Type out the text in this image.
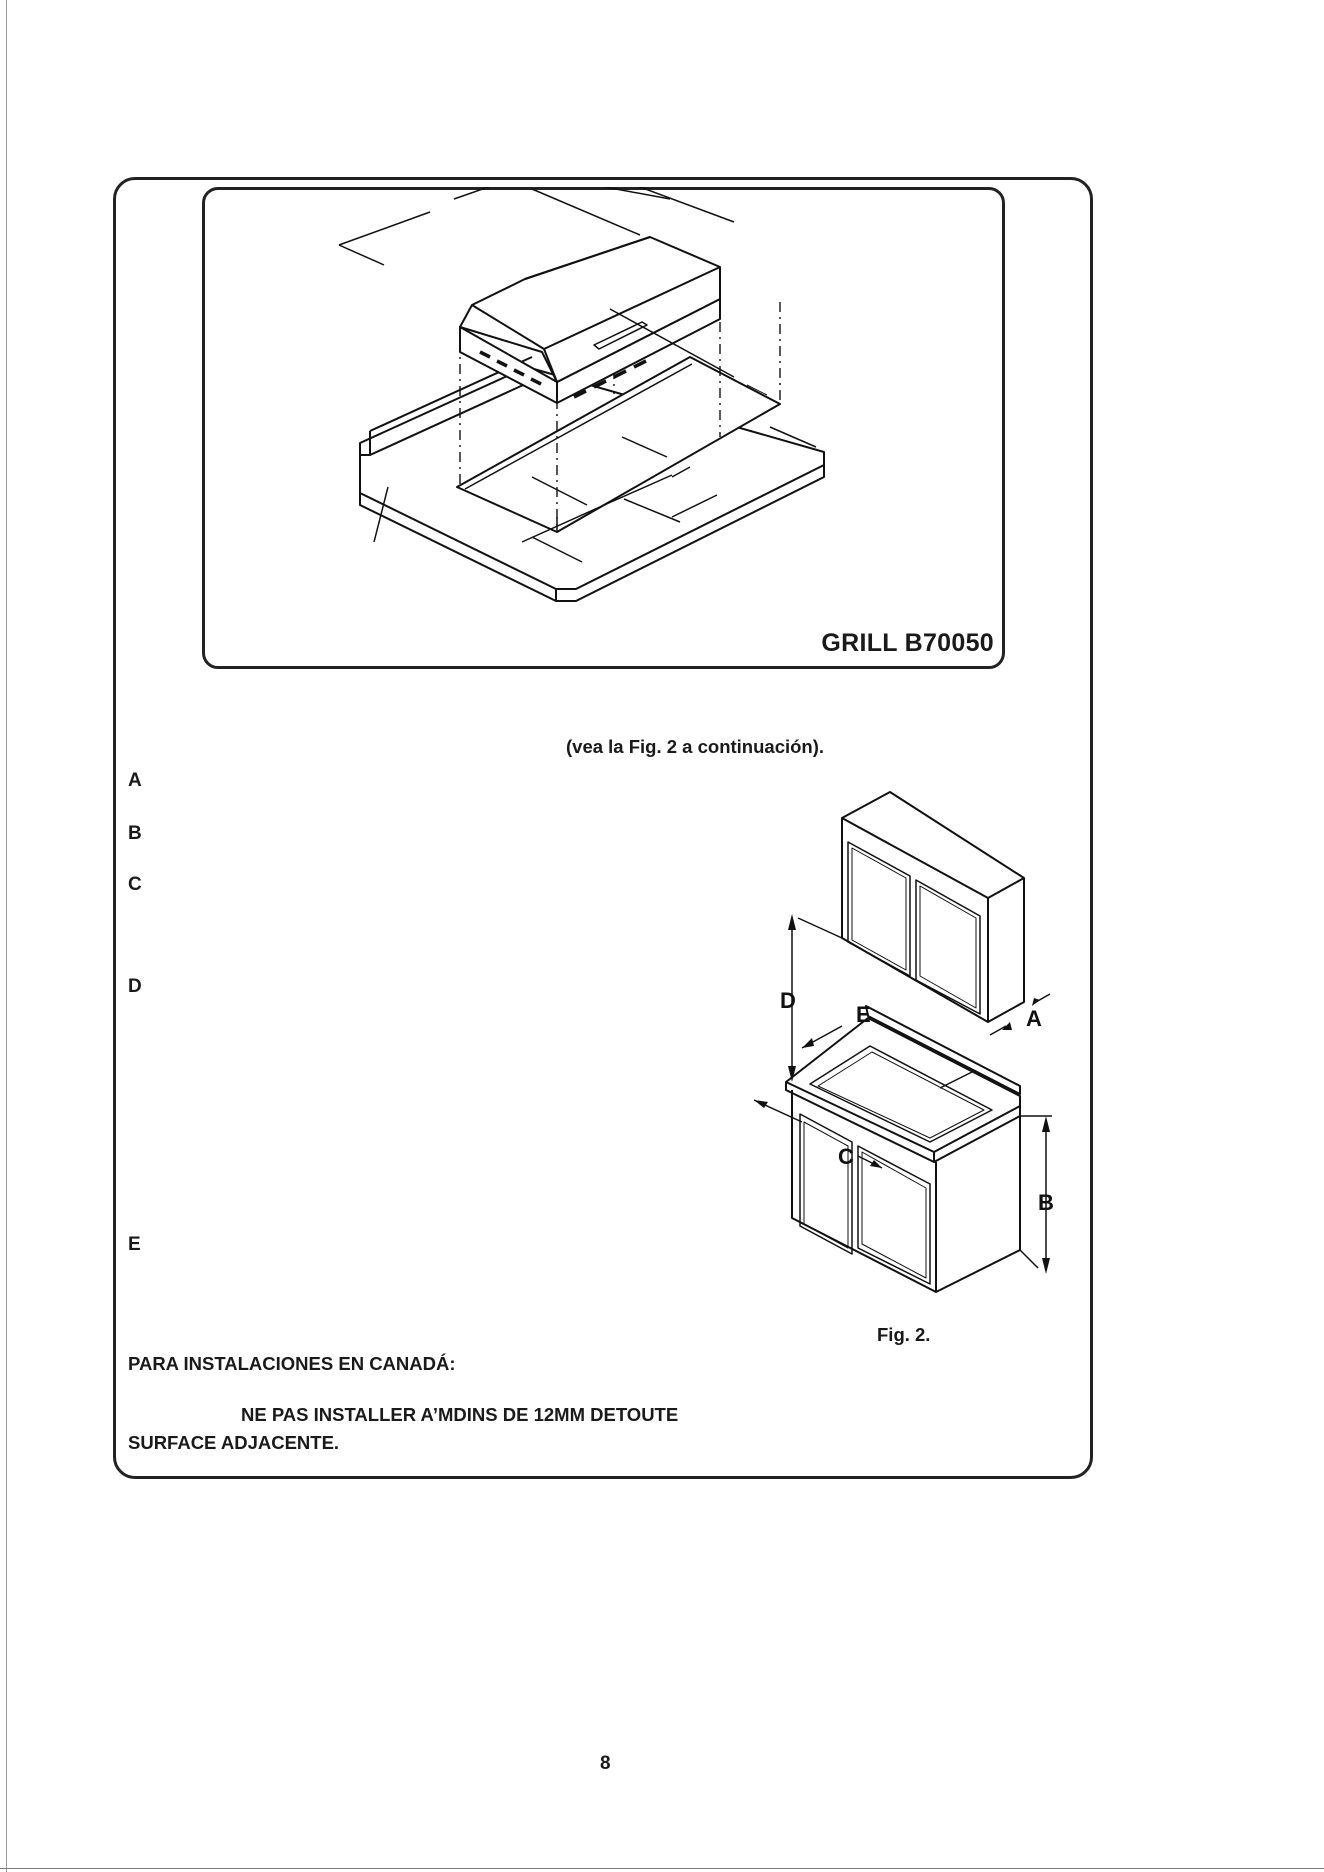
GRILL B70050
(vea la Fig. 2 a continuación).
A
B
C
D
E
D
E	A
C
B
Fig. 2.
PARA INSTALACIONES EN CANADÁ:
NE PAS INSTALLER A’MDINS DE 12MM DETOUTE
SURFACE ADJACENTE.
8
